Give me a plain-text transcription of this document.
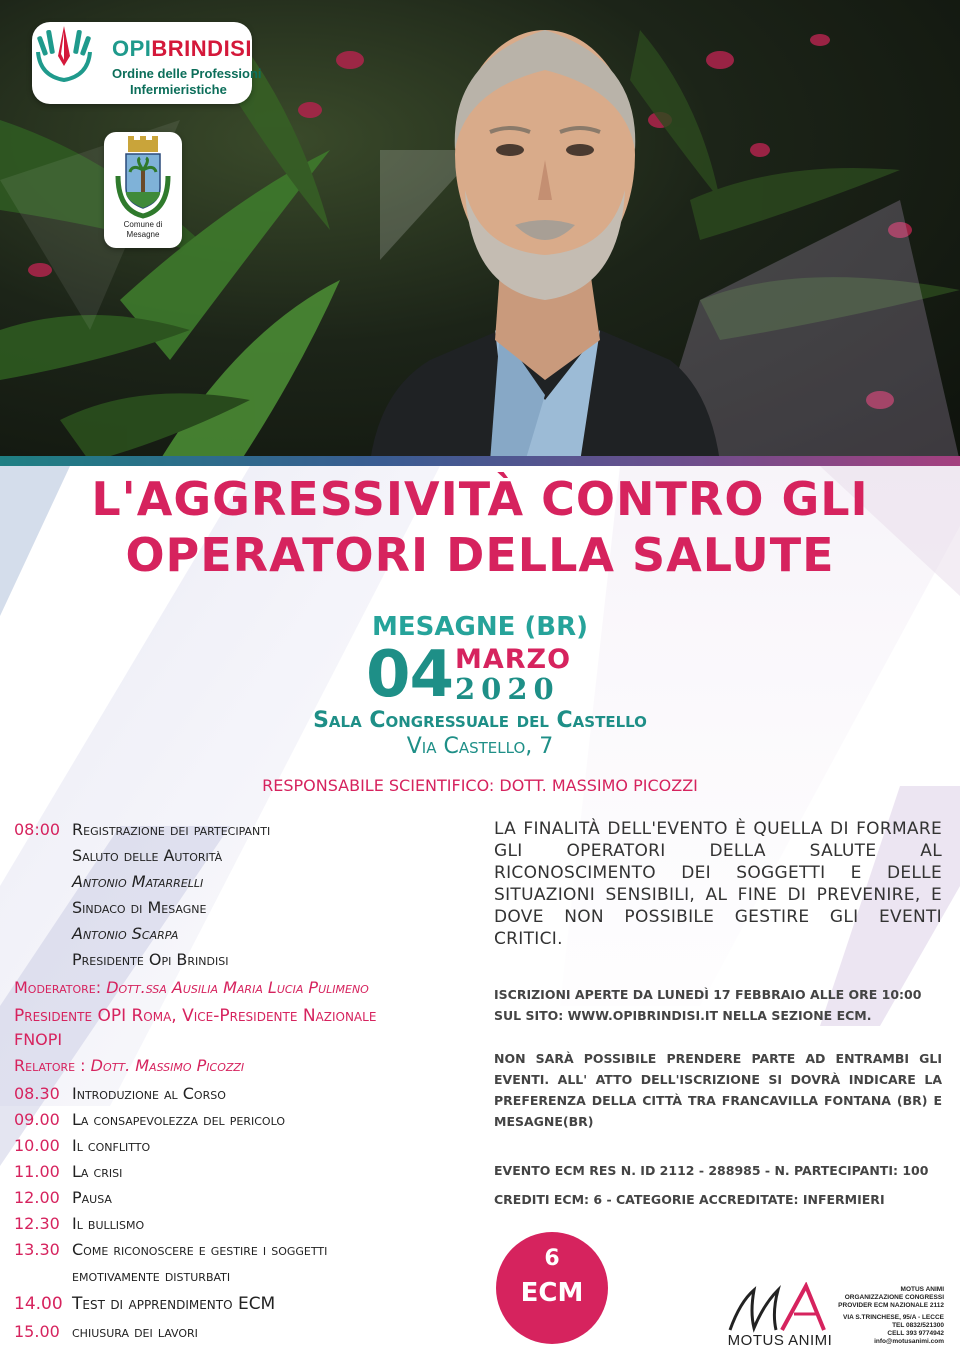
OPIBRINDISI
Ordine delle Professioni
Infermieristiche
Comune di
Mesagne
L'AGGRESSIVITÀ CONTRO GLI
OPERATORI DELLA SALUTE
MESAGNE (BR)
04 MARZO
2020
Sala Congressuale del Castello
Via Castello, 7
RESPONSABILE SCIENTIFICO: DOTT. MASSIMO PICOZZI
08:00 Registrazione dei partecipanti
Saluto delle Autorità
Antonio Matarrelli
Sindaco di Mesagne
Antonio Scarpa
Presidente Opi Brindisi
Moderatore: Dott.ssa Ausilia Maria Lucia Pulimeno
Presidente OPI Roma, Vice-Presidente Nazionale
FNOPI
Relatore : Dott. Massimo Picozzi
08.30 Introduzione al Corso
09.00 La consapevolezza del pericolo
10.00 Il conflitto
11.00 La crisi
12.00 Pausa
12.30 Il bullismo
13.30 Come riconoscere e gestire i soggetti
emotivamente disturbati
14.00 Test di apprendimento ECM
15.00 chiusura dei lavori
LA FINALITÀ DELL'EVENTO È QUELLA DI FORMARE GLI OPERATORI DELLA SALUTE AL RICONOSCIMENTO DEI SOGGETTI E DELLE SITUAZIONI SENSIBILI, AL FINE DI PREVENIRE, E DOVE NON POSSIBILE GESTIRE GLI EVENTI CRITICI.
ISCRIZIONI APERTE DA LUNEDÌ 17 FEBBRAIO ALLE ORE 10:00
SUL SITO: WWW.OPIBRINDISI.IT NELLA SEZIONE ECM.
NON SARÀ POSSIBILE PRENDERE PARTE AD ENTRAMBI GLI EVENTI. ALL' ATTO DELL'ISCRIZIONE SI DOVRÀ INDICARE LA PREFERENZA DELLA CITTÀ TRA FRANCAVILLA FONTANA (BR) E MESAGNE(BR)
EVENTO ECM RES N. ID 2112 - 288985 - N. PARTECIPANTI: 100
CREDITI ECM: 6 - CATEGORIE ACCREDITATE: INFERMIERI
6
ECM
MOTUS ANIMI
MOTUS ANIMI
ORGANIZZAZIONE CONGRESSI
PROVIDER ECM NAZIONALE 2112
VIA S.TRINCHESE, 95/A - LECCE
TEL 0832/521300
CELL 393 9774942
info@motusanimi.com
